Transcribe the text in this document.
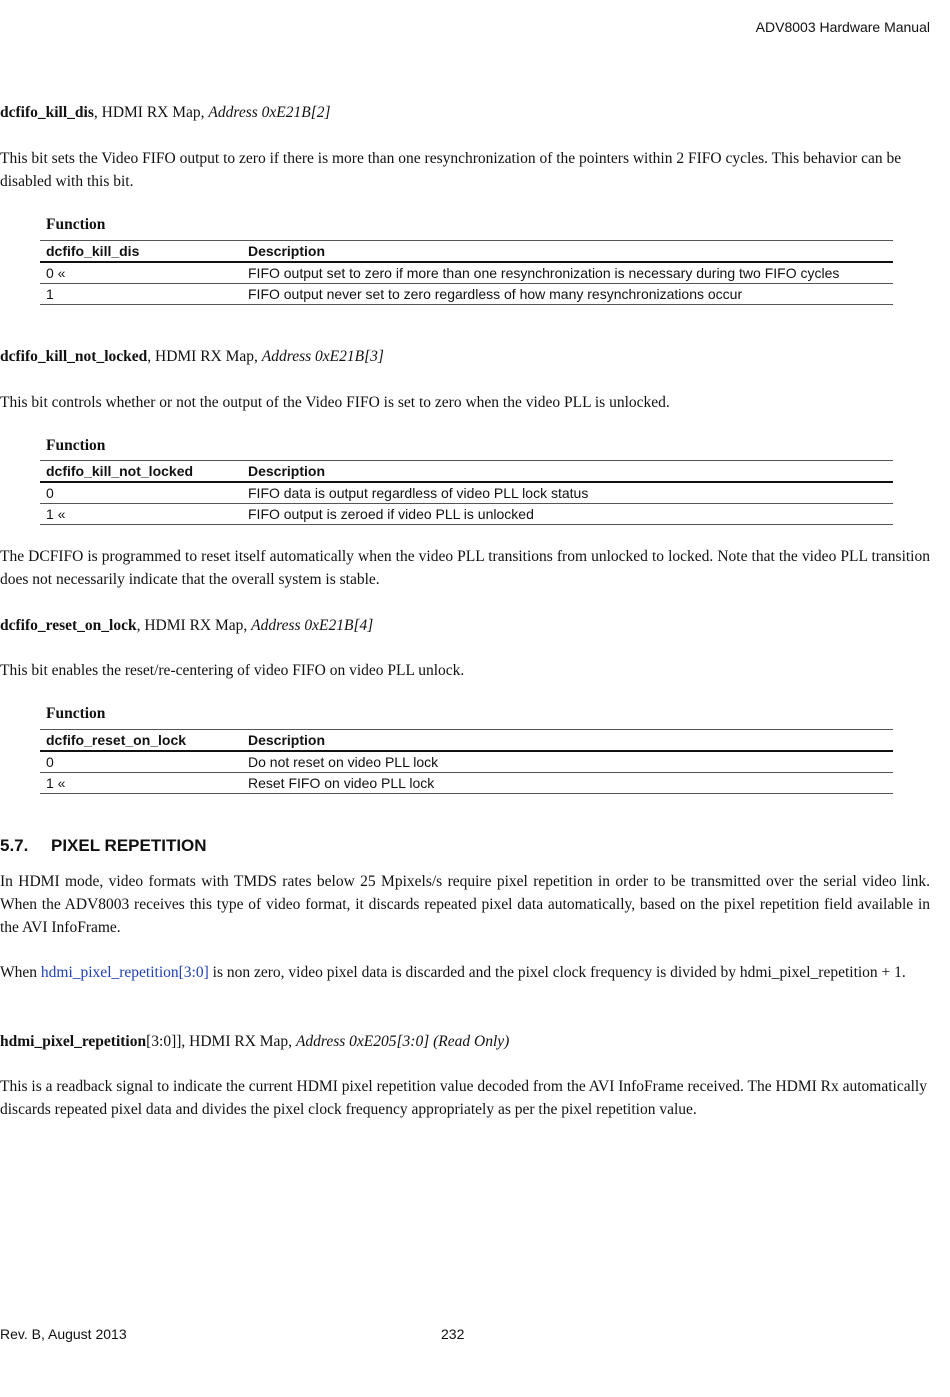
ADV8003 Hardware Manual
dcfifo_kill_dis, HDMI RX Map, Address 0xE21B[2]
This bit sets the Video FIFO output to zero if there is more than one resynchronization of the pointers within 2 FIFO cycles. This behavior can be disabled with this bit.
Function
dcfifo_kill_dis	Description
0 «	FIFO output set to zero if more than one resynchronization is necessary during two FIFO cycles
1	FIFO output never set to zero regardless of how many resynchronizations occur
dcfifo_kill_not_locked, HDMI RX Map, Address 0xE21B[3]
This bit controls whether or not the output of the Video FIFO is set to zero when the video PLL is unlocked.
Function
dcfifo_kill_not_locked	Description
0	FIFO data is output regardless of video PLL lock status
1 «	FIFO output is zeroed if video PLL is unlocked
The DCFIFO is programmed to reset itself automatically when the video PLL transitions from unlocked to locked. Note that the video PLL transition does not necessarily indicate that the overall system is stable.
dcfifo_reset_on_lock, HDMI RX Map, Address 0xE21B[4]
This bit enables the reset/re-centering of video FIFO on video PLL unlock.
Function
dcfifo_reset_on_lock	Description
0	Do not reset on video PLL lock
1 «	Reset FIFO on video PLL lock
5.7. PIXEL REPETITION
In HDMI mode, video formats with TMDS rates below 25 Mpixels/s require pixel repetition in order to be transmitted over the serial video link. When the ADV8003 receives this type of video format, it discards repeated pixel data automatically, based on the pixel repetition field available in the AVI InfoFrame.
When hdmi_pixel_repetition[3:0] is non zero, video pixel data is discarded and the pixel clock frequency is divided by hdmi_pixel_repetition + 1.
hdmi_pixel_repetition[3:0]], HDMI RX Map, Address 0xE205[3:0] (Read Only)
This is a readback signal to indicate the current HDMI pixel repetition value decoded from the AVI InfoFrame received. The HDMI Rx automatically discards repeated pixel data and divides the pixel clock frequency appropriately as per the pixel repetition value.
Rev. B, August 2013	232
